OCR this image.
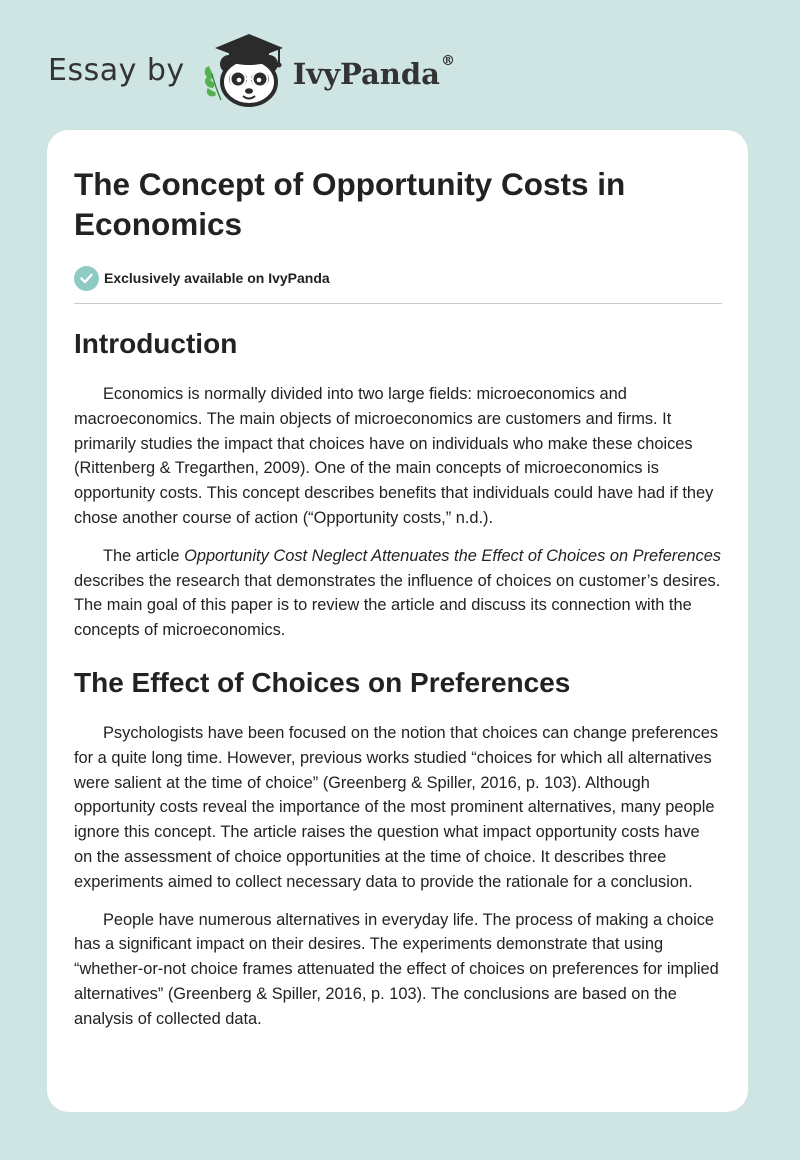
Essay by	IvyPanda®
The Concept of Opportunity Costs in Economics
Exclusively available on IvyPanda
Introduction

Economics is normally divided into two large fields: microeconomics and macroeconomics. The main objects of microeconomics are customers and firms. It primarily studies the impact that choices have on individuals who make these choices (Rittenberg & Tregarthen, 2009). One of the main concepts of microeconomics is opportunity costs. This concept describes benefits that individuals could have had if they chose another course of action (“Opportunity costs,” n.d.).

The article Opportunity Cost Neglect Attenuates the Effect of Choices on Preferences describes the research that demonstrates the influence of choices on customer’s desires. The main goal of this paper is to review the article and discuss its connection with the concepts of microeconomics.

The Effect of Choices on Preferences

Psychologists have been focused on the notion that choices can change preferences for a quite long time. However, previous works studied “choices for which all alternatives were salient at the time of choice” (Greenberg & Spiller, 2016, p. 103). Although opportunity costs reveal the importance of the most prominent alternatives, many people ignore this concept. The article raises the question what impact opportunity costs have on the assessment of choice opportunities at the time of choice. It describes three experiments aimed to collect necessary data to provide the rationale for a conclusion.

People have numerous alternatives in everyday life. The process of making a choice has a significant impact on their desires. The experiments demonstrate that using “whether-or-not choice frames attenuated the effect of choices on preferences for implied alternatives” (Greenberg & Spiller, 2016, p. 103). The conclusions are based on the analysis of collected data.
